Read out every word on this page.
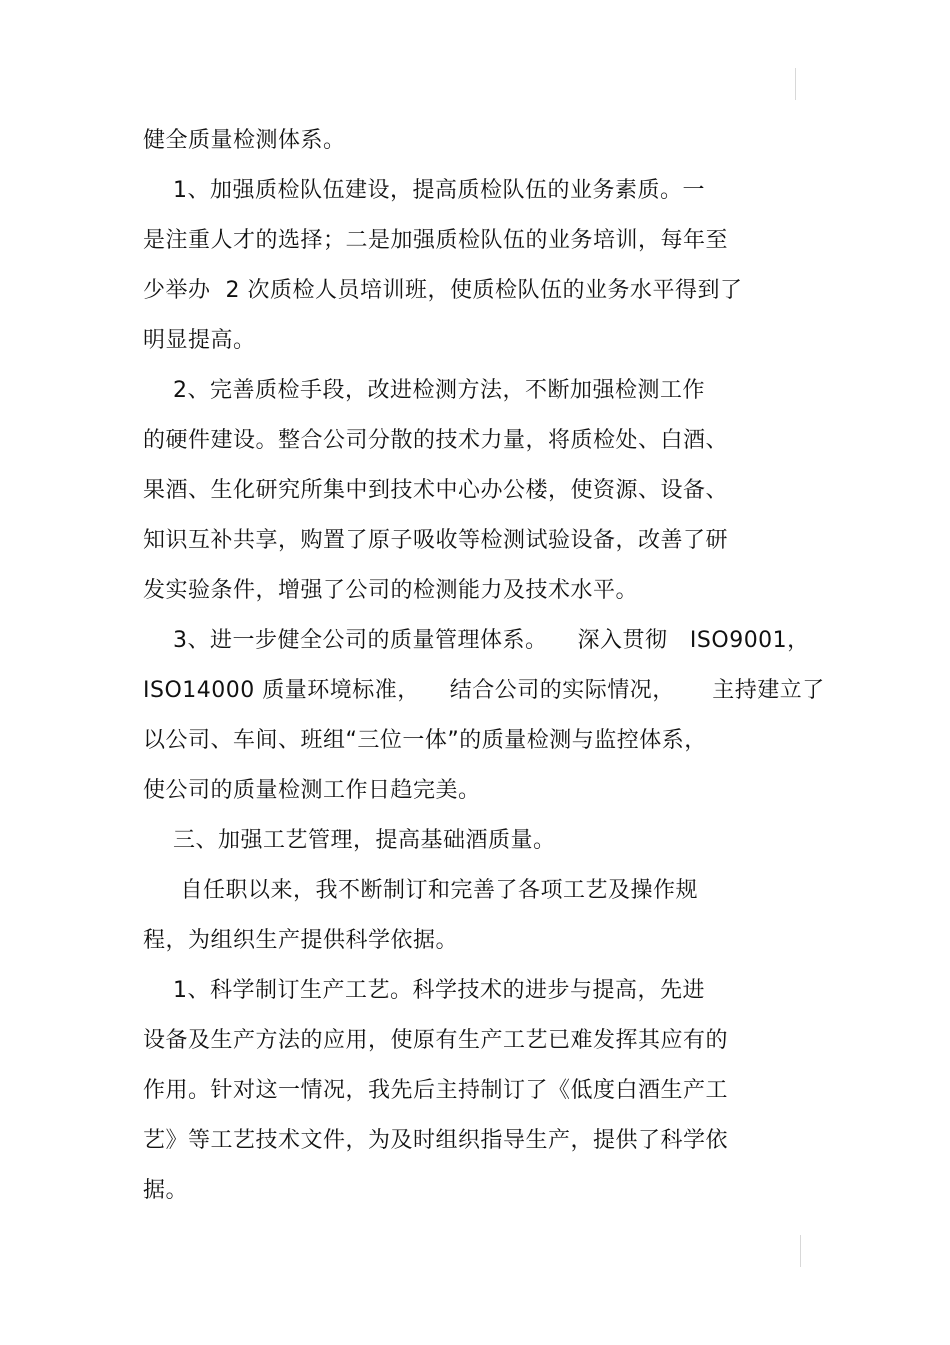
健全质量检测体系。
1、加强质检队伍建设，提高质检队伍的业务素质。一
是注重人才的选择；二是加强质检队伍的业务培训，每年至
少举办  2 次质检人员培训班，使质检队伍的业务水平得到了
明显提高。
2、完善质检手段，改进检测方法，不断加强检测工作
的硬件建设。整合公司分散的技术力量，将质检处、白酒、
果酒、生化研究所集中到技术中心办公楼，使资源、设备、
知识互补共享，购置了原子吸收等检测试验设备，改善了研
发实验条件，增强了公司的检测能力及技术水平。
3、进一步健全公司的质量管理体系。    深入贯彻   ISO9001，
ISO14000 质量环境标准，    结合公司的实际情况，     主持建立了
以公司、车间、班组“三位一体”的质量检测与监控体系，
使公司的质量检测工作日趋完美。
三、加强工艺管理，提高基础酒质量。
自任职以来，我不断制订和完善了各项工艺及操作规
程，为组织生产提供科学依据。
1、科学制订生产工艺。科学技术的进步与提高，先进
设备及生产方法的应用，使原有生产工艺已难发挥其应有的
作用。针对这一情况，我先后主持制订了《低度白酒生产工
艺》等工艺技术文件，为及时组织指导生产，提供了科学依
据。
